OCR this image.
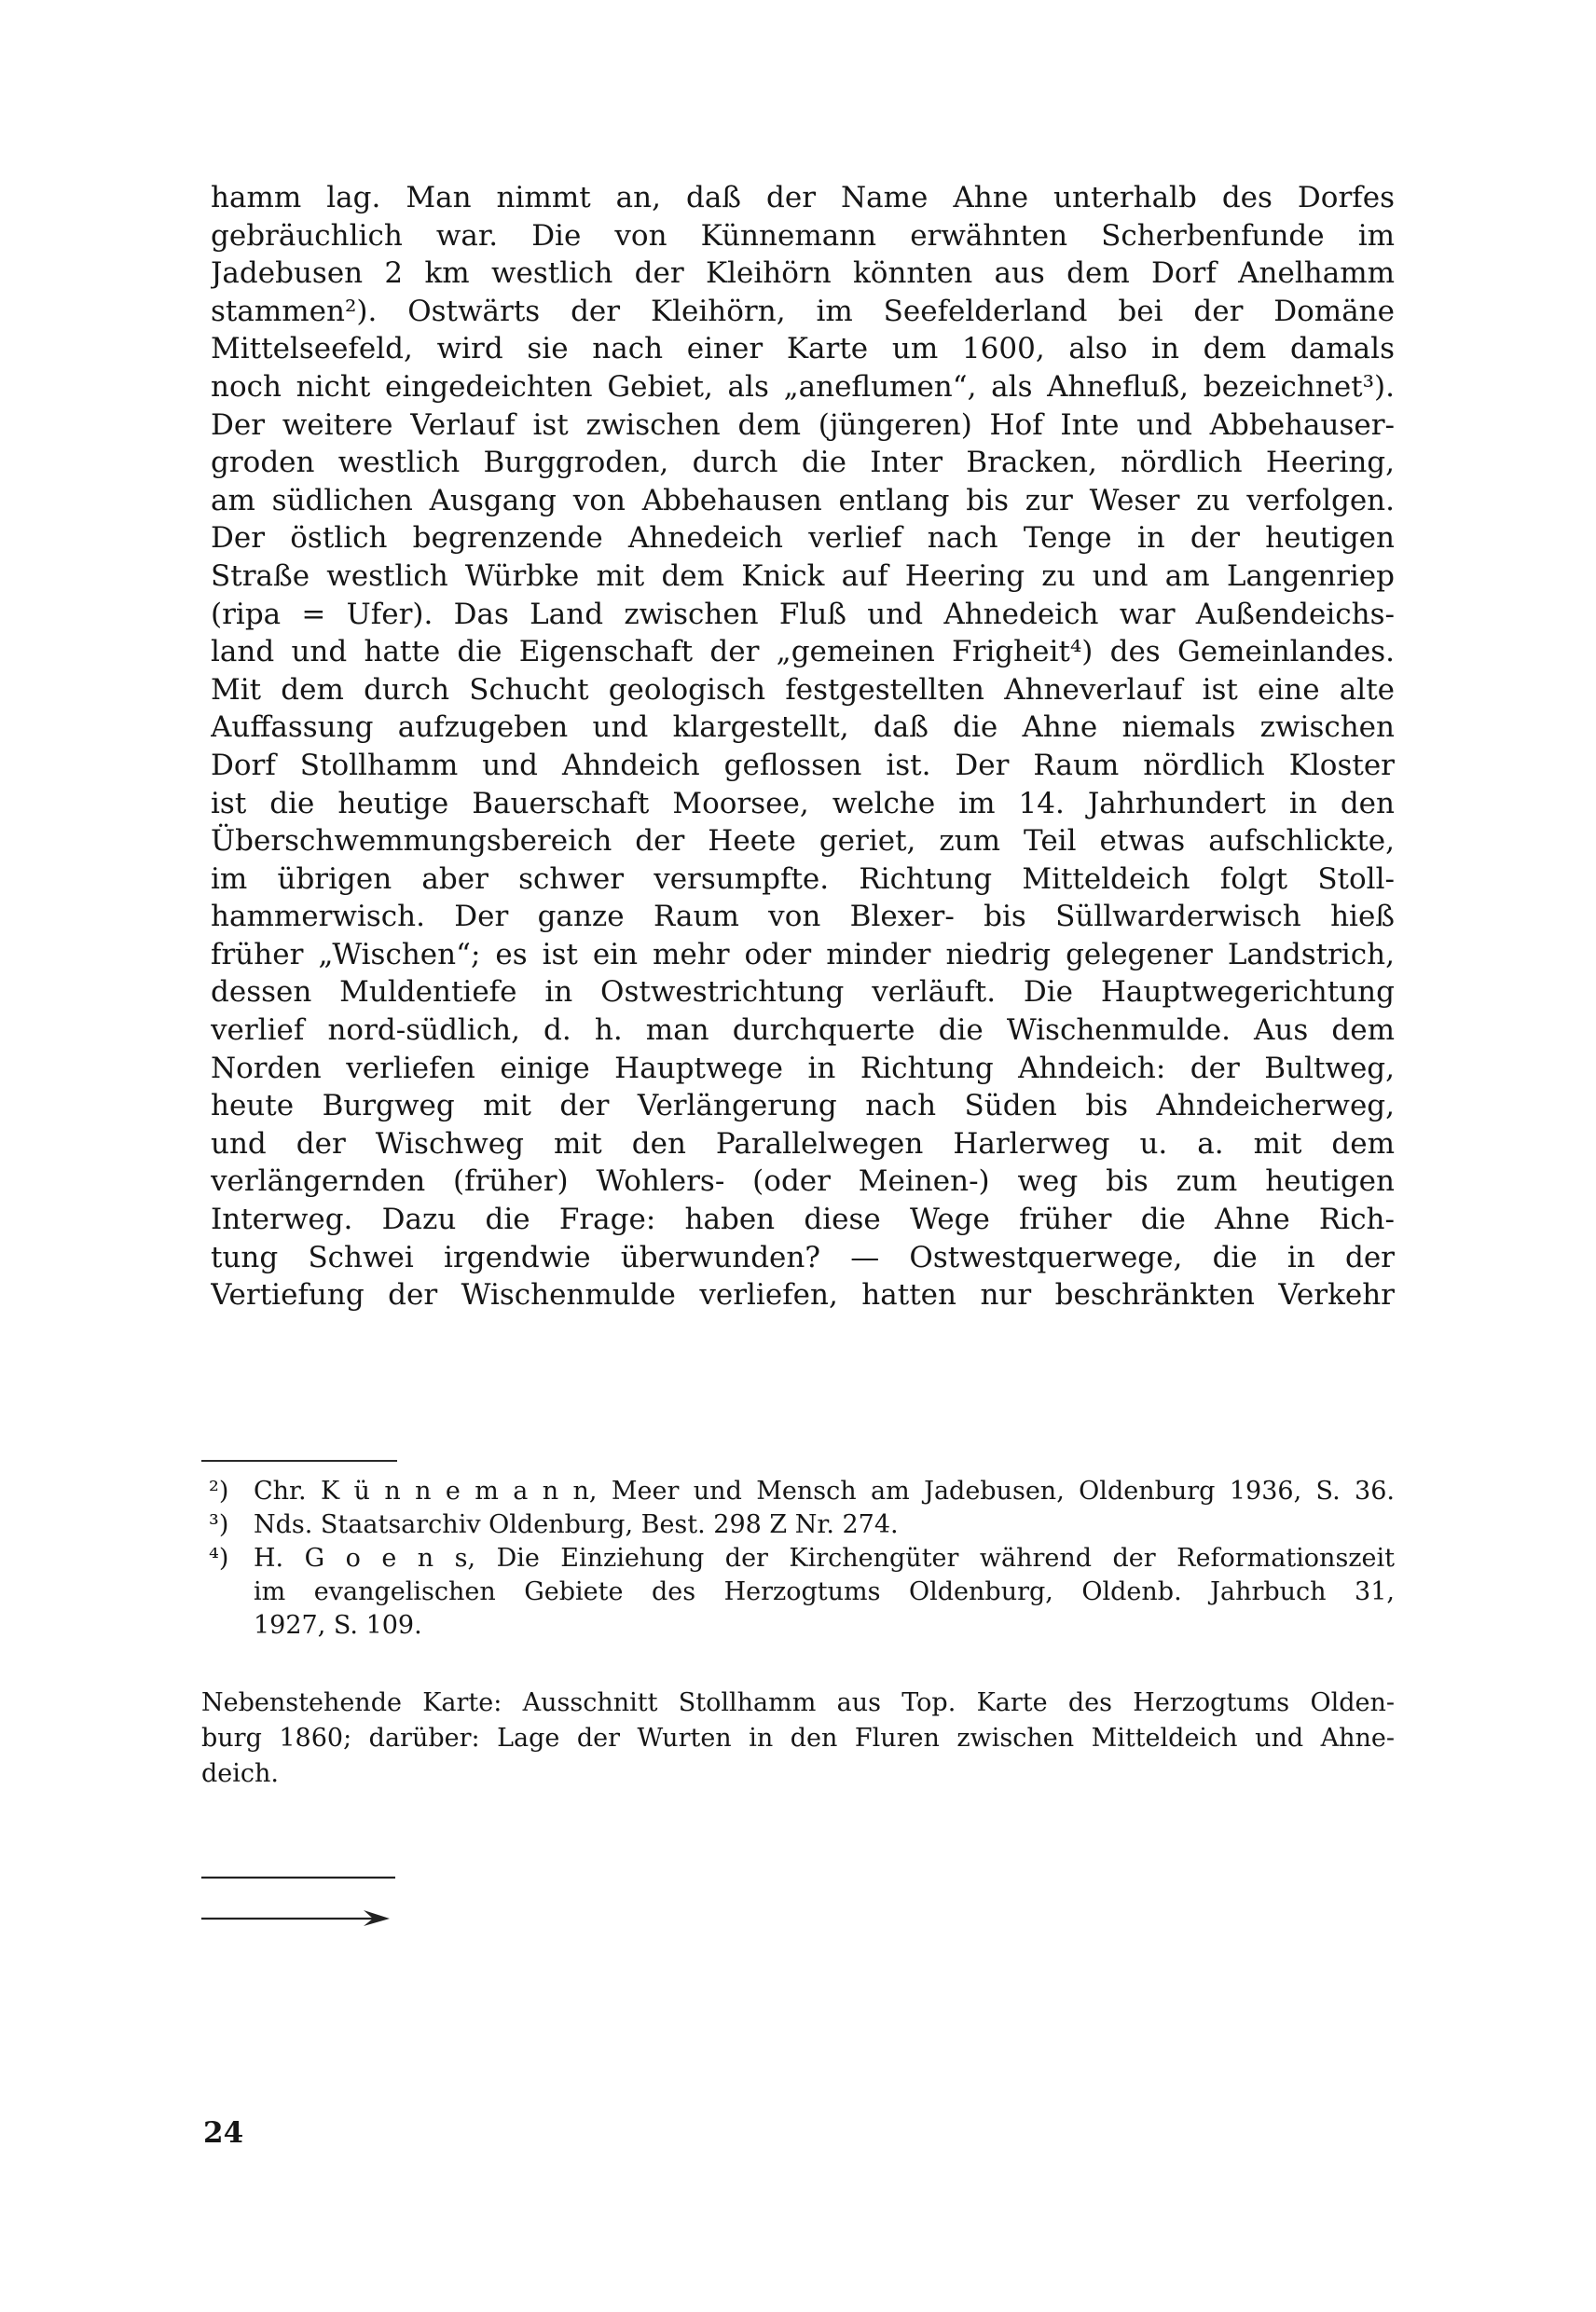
hamm lag. Man nimmt an, daß der Name Ahne unterhalb des Dorfes
gebräuchlich war. Die von Künnemann erwähnten Scherbenfunde im
Jadebusen 2 km westlich der Kleihörn könnten aus dem Dorf Anelhamm
stammen²). Ostwärts der Kleihörn, im Seefelderland bei der Domäne
Mittelseefeld, wird sie nach einer Karte um 1600, also in dem damals
noch nicht eingedeichten Gebiet, als „aneflumen“, als Ahnefluß, bezeichnet³).
Der weitere Verlauf ist zwischen dem (jüngeren) Hof Inte und Abbehauser-
groden westlich Burggroden, durch die Inter Bracken, nördlich Heering,
am südlichen Ausgang von Abbehausen entlang bis zur Weser zu verfolgen.
Der östlich begrenzende Ahnedeich verlief nach Tenge in der heutigen
Straße westlich Würbke mit dem Knick auf Heering zu und am Langenriep
(ripa = Ufer). Das Land zwischen Fluß und Ahnedeich war Außendeichs-
land und hatte die Eigenschaft der „gemeinen Frigheit⁴) des Gemeinlandes.
Mit dem durch Schucht geologisch festgestellten Ahneverlauf ist eine alte
Auffassung aufzugeben und klargestellt, daß die Ahne niemals zwischen
Dorf Stollhamm und Ahndeich geflossen ist. Der Raum nördlich Kloster
ist die heutige Bauerschaft Moorsee, welche im 14. Jahrhundert in den
Überschwemmungsbereich der Heete geriet, zum Teil etwas aufschlickte,
im übrigen aber schwer versumpfte. Richtung Mitteldeich folgt Stoll-
hammerwisch. Der ganze Raum von Blexer- bis Süllwarderwisch hieß
früher „Wischen“; es ist ein mehr oder minder niedrig gelegener Landstrich,
dessen Muldentiefe in Ostwestrichtung verläuft. Die Hauptwegerichtung
verlief nord-südlich, d. h. man durchquerte die Wischenmulde. Aus dem
Norden verliefen einige Hauptwege in Richtung Ahndeich: der Bultweg,
heute Burgweg mit der Verlängerung nach Süden bis Ahndeicherweg,
und der Wischweg mit den Parallelwegen Harlerweg u. a. mit dem
verlängernden (früher) Wohlers- (oder Meinen-) weg bis zum heutigen
Interweg. Dazu die Frage: haben diese Wege früher die Ahne Rich-
tung Schwei irgendwie überwunden? — Ostwestquerwege, die in der
Vertiefung der Wischenmulde verliefen, hatten nur beschränkten Verkehr
²) Chr. K ü n n e m a n n, Meer und Mensch am Jadebusen, Oldenburg 1936, S. 36.
³) Nds. Staatsarchiv Oldenburg, Best. 298 Z Nr. 274.
⁴) H. G o e n s, Die Einziehung der Kirchengüter während der Reformationszeit
im evangelischen Gebiete des Herzogtums Oldenburg, Oldenb. Jahrbuch 31,
1927, S. 109.
Nebenstehende Karte: Ausschnitt Stollhamm aus Top. Karte des Herzogtums Olden-
burg 1860; darüber: Lage der Wurten in den Fluren zwischen Mitteldeich und Ahne-
deich.

24
